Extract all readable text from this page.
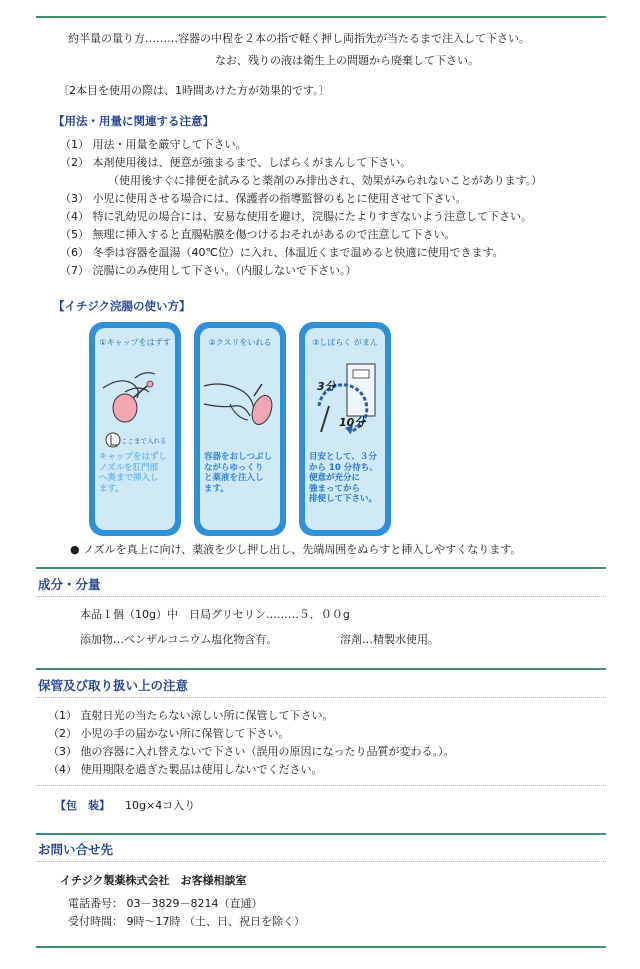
約半量の量り方………容器の中程を２本の指で軽く押し両指先が当たるまで注入して下さい。
なお、残りの液は衛生上の問題から廃棄して下さい。
〔2本目を使用の際は、1時間あけた方が効果的です。〕
【用法・用量に関連する注意】
（1） 用法・用量を厳守して下さい。
（2） 本剤使用後は、便意が強まるまで、しばらくがまんして下さい。
（使用後すぐに排便を試みると薬剤のみ排出され、効果がみられないことがあります。）
（3） 小児に使用させる場合には、保護者の指導監督のもとに使用させて下さい。
（4） 特に乳幼児の場合には、安易な使用を避け、浣腸にたよりすぎないよう注意して下さい。
（5） 無理に挿入すると直腸粘膜を傷つけるおそれがあるので注意して下さい。
（6） 冬季は容器を温湯（40℃位）に入れ、体温近くまで温めると快適に使用できます。
（7） 浣腸にのみ使用して下さい。（内服しないで下さい。）
【イチジク浣腸の使い方】
①キャップをはずす
ここまで入れる
キャップをはずし
ノズルを肛門部
へ奥まで挿入し
ます。
②クスリをいれる
容器をおしつぶし
ながらゆっくり
と薬液を注入し
ます。
③しばらく がまん
3分
10分
目安として、３分
から 10 分待ち、
便意が充分に
強まってから
排便して下さい。
● ノズルを真上に向け、薬液を少し押し出し、先端周囲をぬらすと挿入しやすくなります。
成分・分量
本品１個（10g）中　日局グリセリン………５．００g
添加物…ベンザルコニウム塩化物含有。	溶剤…精製水使用。
保管及び取り扱い上の注意
（1） 直射日光の当たらない涼しい所に保管して下さい。
（2） 小児の手の届かない所に保管して下さい。
（3） 他の容器に入れ替えないで下さい（誤用の原因になったり品質が変わる。）。
（4） 使用期限を過ぎた製品は使用しないでください。
【包　装】 10g×4コ入り
お問い合せ先
イチジク製薬株式会社　お客様相談室
電話番号： 03－3829－8214（直通）
受付時間： 9時～17時 （土、日、祝日を除く）
